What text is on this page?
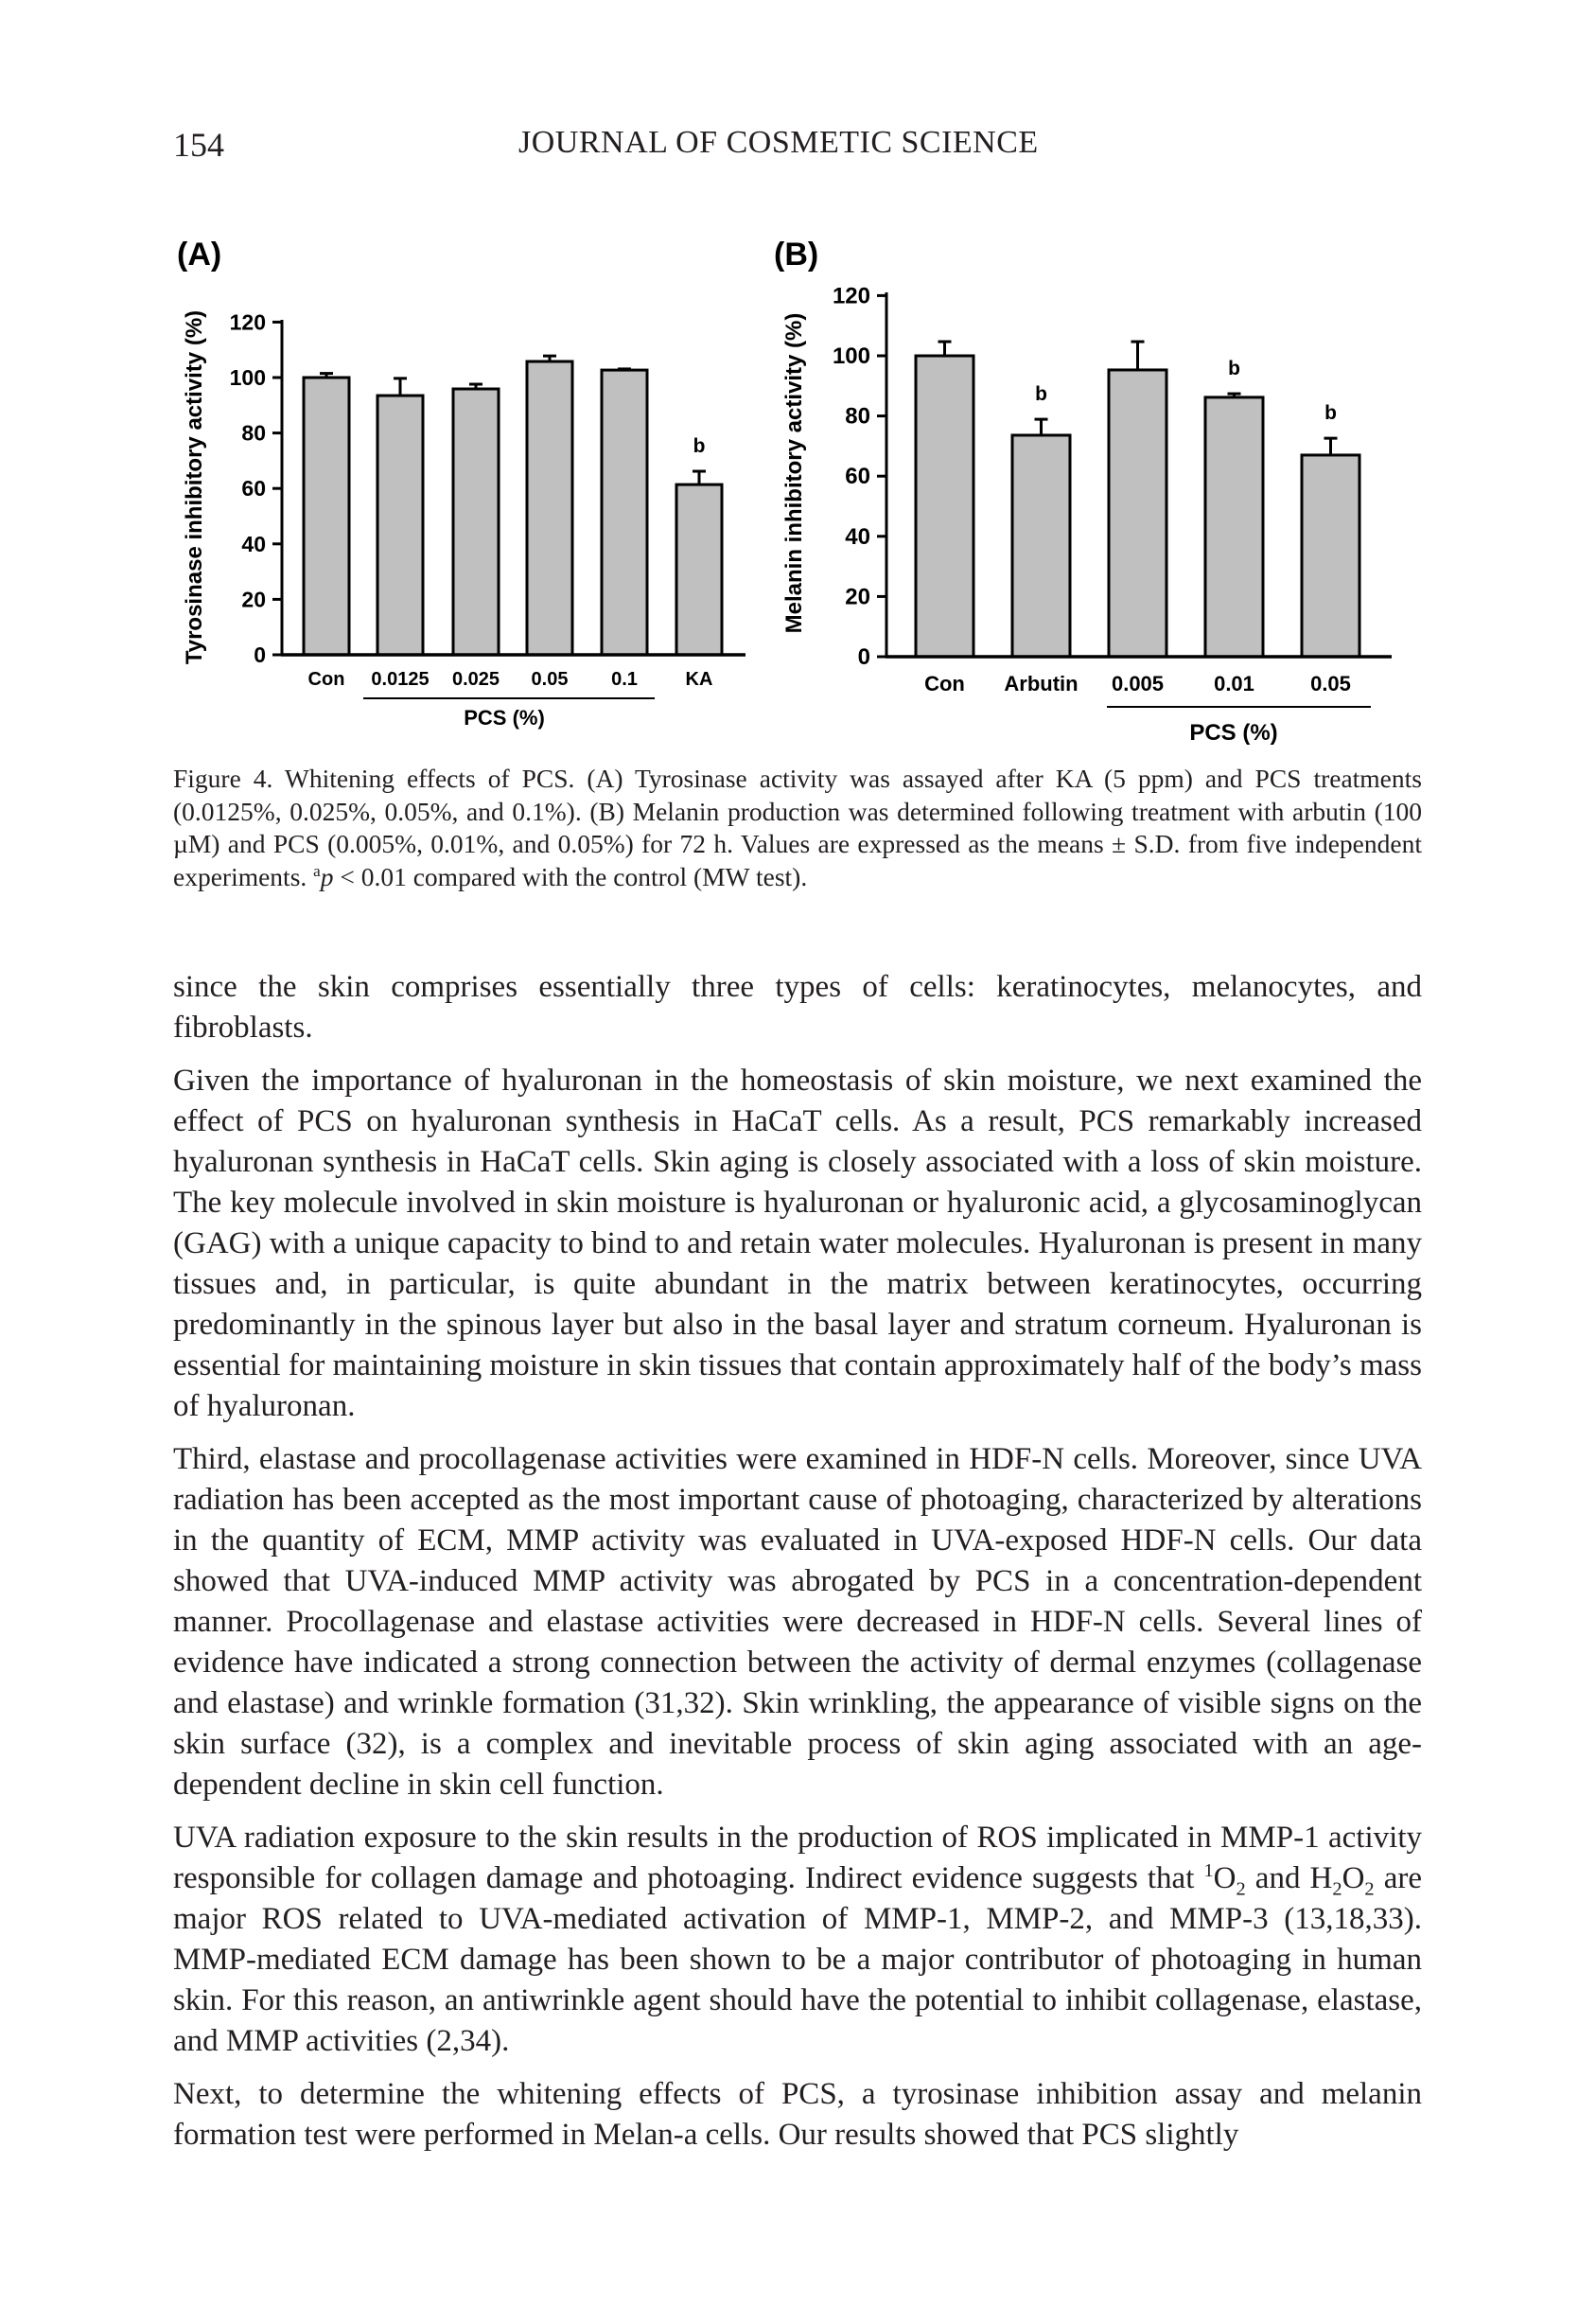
154	JOURNAL OF COSMETIC SCIENCE
(A)
Tyrosinase inhibitory activity (%) 0
20
40
60
80
100
120
b
Con 0.0125 0.025 0.05 0.1	KA
PCS (%)
(B)
Melanin inhibitory activity (%)
0
20
40
60
80
100
120
b
b
b
Con Arbutin 0.005 0.01	0.05
PCS (%)
Figure 4. Whitening effects of PCS. (A) Tyrosinase activity was assayed after KA (5 ppm) and PCS treatments (0.0125%, 0.025%, 0.05%, and 0.1%). (B) Melanin production was determined following treatment with arbutin (100 µM) and PCS (0.005%, 0.01%, and 0.05%) for 72 h. Values are expressed as the means ± S.D. from five independent experiments. $^a$p < 0.01 compared with the control (MW test).

since the skin comprises essentially three types of cells: keratinocytes, melanocytes, and fibroblasts.

Given the importance of hyaluronan in the homeostasis of skin moisture, we next examined the effect of PCS on hyaluronan synthesis in HaCaT cells. As a result, PCS remarkably increased hyaluronan synthesis in HaCaT cells. Skin aging is closely associated with a loss of skin moisture. The key molecule involved in skin moisture is hyaluronan or hyaluronic acid, a glycosaminoglycan (GAG) with a unique capacity to bind to and retain water molecules. Hyaluronan is present in many tissues and, in particular, is quite abundant in the matrix between keratinocytes, occurring predominantly in the spinous layer but also in the basal layer and stratum corneum. Hyaluronan is essential for maintaining moisture in skin tissues that contain approximately half of the body’s mass of hyaluronan.

Third, elastase and procollagenase activities were examined in HDF-N cells. Moreover, since UVA radiation has been accepted as the most important cause of photoaging, characterized by alterations in the quantity of ECM, MMP activity was evaluated in UVA-exposed HDF-N cells. Our data showed that UVA-induced MMP activity was abrogated by PCS in a concentration-dependent manner. Procollagenase and elastase activities were decreased in HDF-N cells. Several lines of evidence have indicated a strong connection between the activity of dermal enzymes (collagenase and elastase) and wrinkle formation (31,32). Skin wrinkling, the appearance of visible signs on the skin surface (32), is a complex and inevitable process of skin aging associated with an age-dependent decline in skin cell function.

UVA radiation exposure to the skin results in the production of ROS implicated in MMP-1 activity responsible for collagen damage and photoaging. Indirect evidence suggests that $^1O_2$ and $H_2O_2$ are major ROS related to UVA-mediated activation of MMP-1, MMP-2, and MMP-3 (13,18,33). MMP-mediated ECM damage has been shown to be a major contributor of photoaging in human skin. For this reason, an antiwrinkle agent should have the potential to inhibit collagenase, elastase, and MMP activities (2,34).

Next, to determine the whitening effects of PCS, a tyrosinase inhibition assay and melanin formation test were performed in Melan-a cells. Our results showed that PCS slightly
